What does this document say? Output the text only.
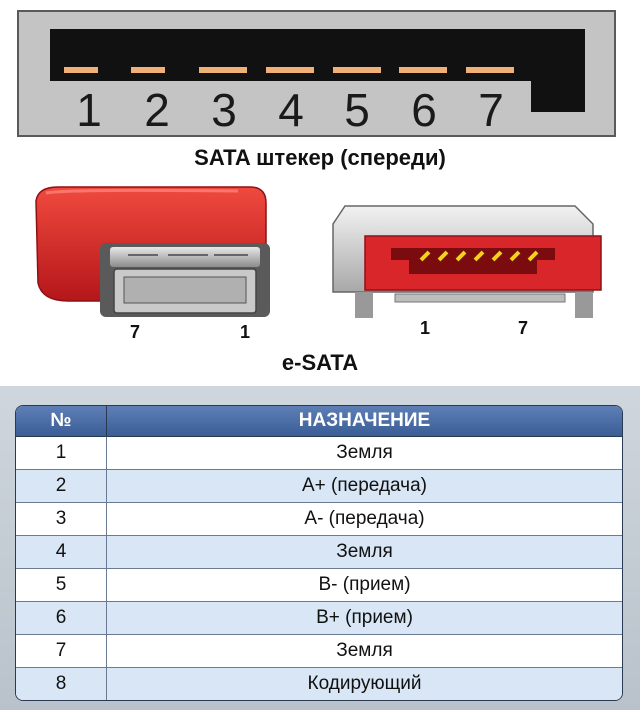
1 2 3 4 5 6 7
SATA штекер (спереди)
7	1	1	7
e-SATA
№	НАЗНАЧЕНИЕ
1	Земля
2	A+ (передача)
3	A- (передача)
4	Земля
5	B- (прием)
6	B+ (прием)
7	Земля
8	Кодирующий
